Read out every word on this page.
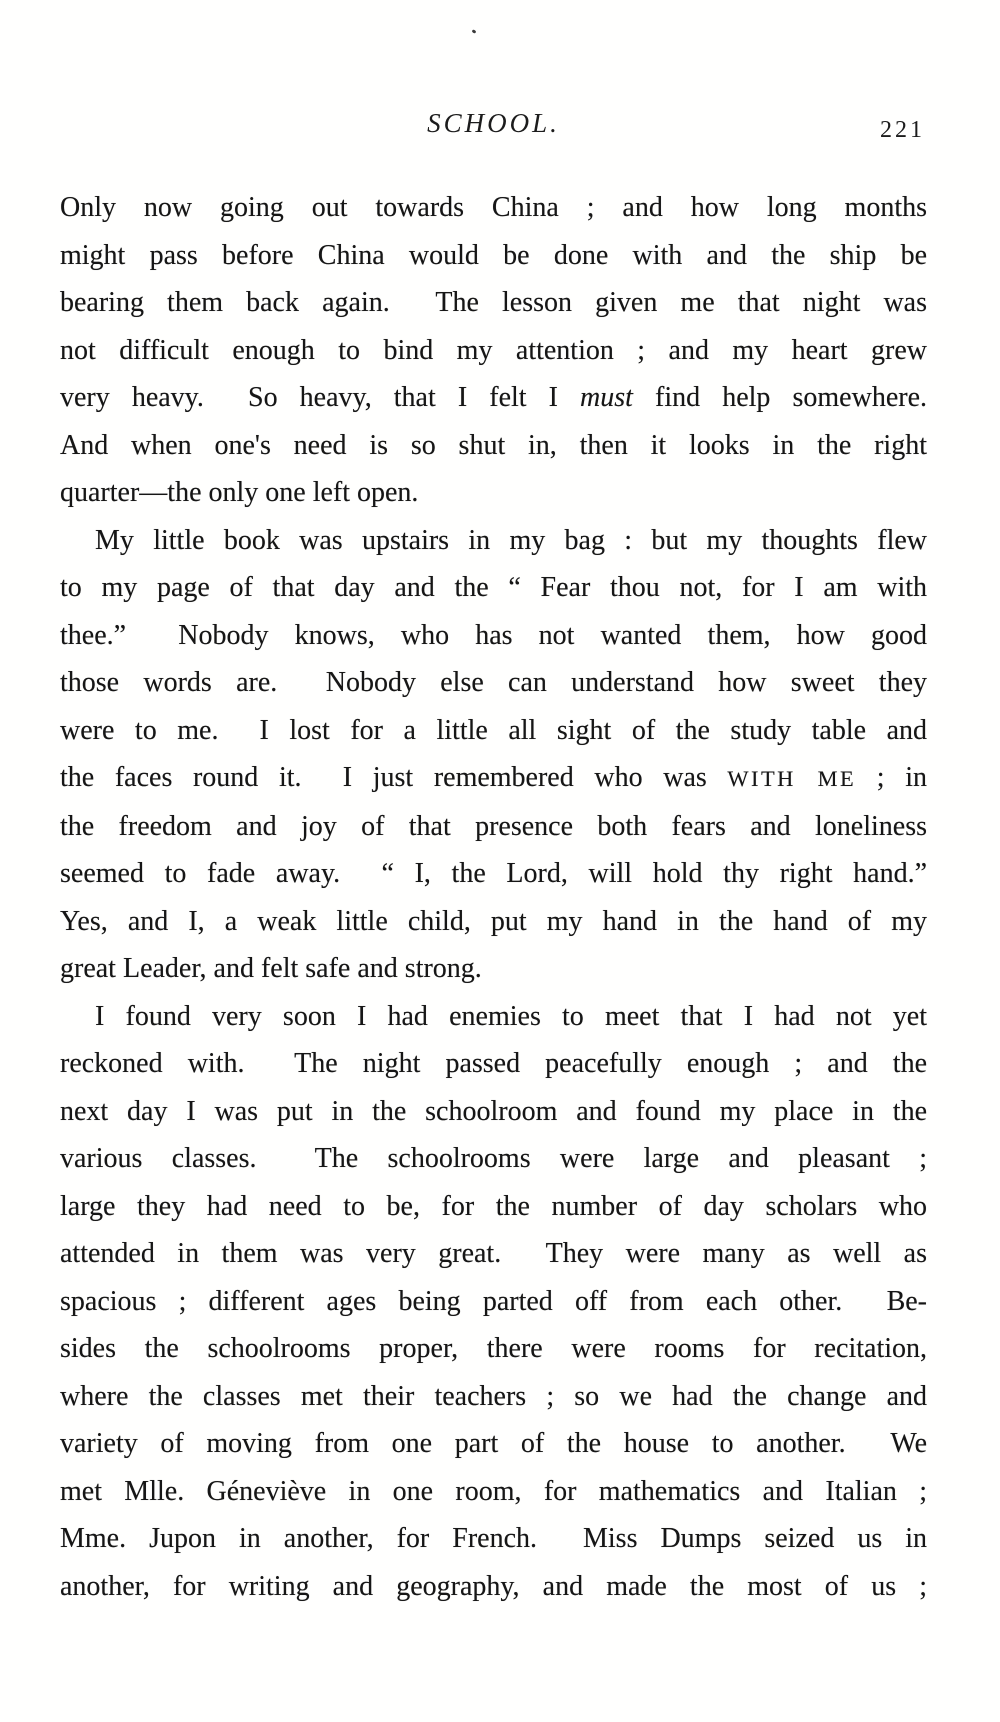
SCHOOL.	221
Only now going out towards China ; and how long months
might pass before China would be done with and the ship be
bearing them back again.  The lesson given me that night was
not difficult enough to bind my attention ; and my heart grew
very heavy.  So heavy, that I felt I must find help somewhere.
And when one's need is so shut in, then it looks in the right
quarter—the only one left open.
My little book was upstairs in my bag : but my thoughts flew
to my page of that day and the “ Fear thou not, for I am with
thee.”  Nobody knows, who has not wanted them, how good
those words are.  Nobody else can understand how sweet they
were to me.  I lost for a little all sight of the study table and
the faces round it.  I just remembered who was WITH ME ; in
the freedom and joy of that presence both fears and loneliness
seemed to fade away.  “ I, the Lord, will hold thy right hand.”
Yes, and I, a weak little child, put my hand in the hand of my
great Leader, and felt safe and strong.
I found very soon I had enemies to meet that I had not yet
reckoned with.  The night passed peacefully enough ; and the
next day I was put in the schoolroom and found my place in the
various classes.  The schoolrooms were large and pleasant ;
large they had need to be, for the number of day scholars who
attended in them was very great.  They were many as well as
spacious ; different ages being parted off from each other.  Be-
sides the schoolrooms proper, there were rooms for recitation,
where the classes met their teachers ; so we had the change and
variety of moving from one part of the house to another.  We
met Mlle. Géneviève in one room, for mathematics and Italian ;
Mme. Jupon in another, for French.  Miss Dumps seized us in
another, for writing and geography, and made the most of us ;
